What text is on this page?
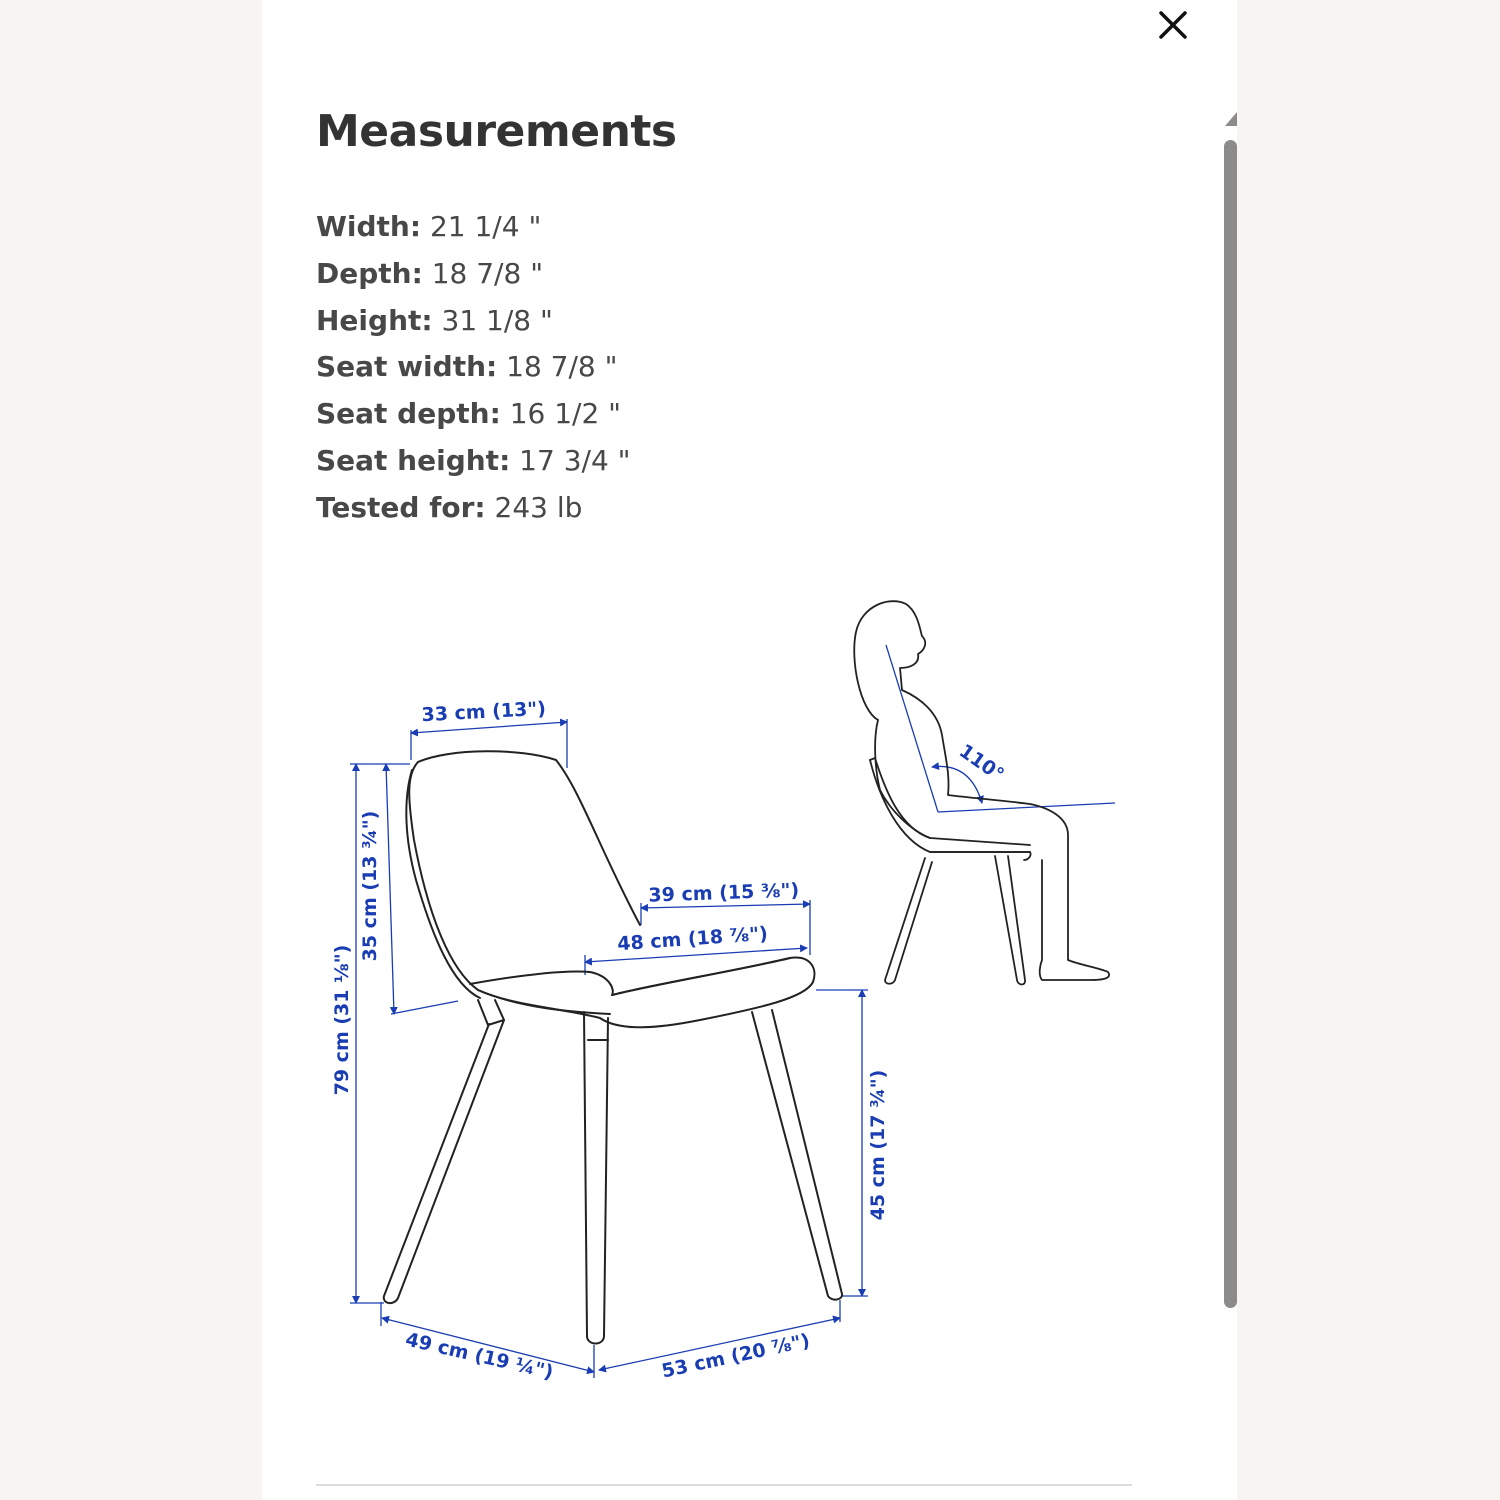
Measurements
Width: 21 1/4 "
Depth: 18 7/8 "
Height: 31 1/8 "
Seat width: 18 7/8 "
Seat depth: 16 1/2 "
Seat height: 17 3/4 "
Tested for: 243 lb
33 cm (13")
35 cm (13 ¾")
79 cm (31 ⅛")
39 cm (15 ⅜")
48 cm (18 ⅞")
45 cm (17 ¾")
49 cm (19 ¼")	53 cm (20 ⅞")
110°
